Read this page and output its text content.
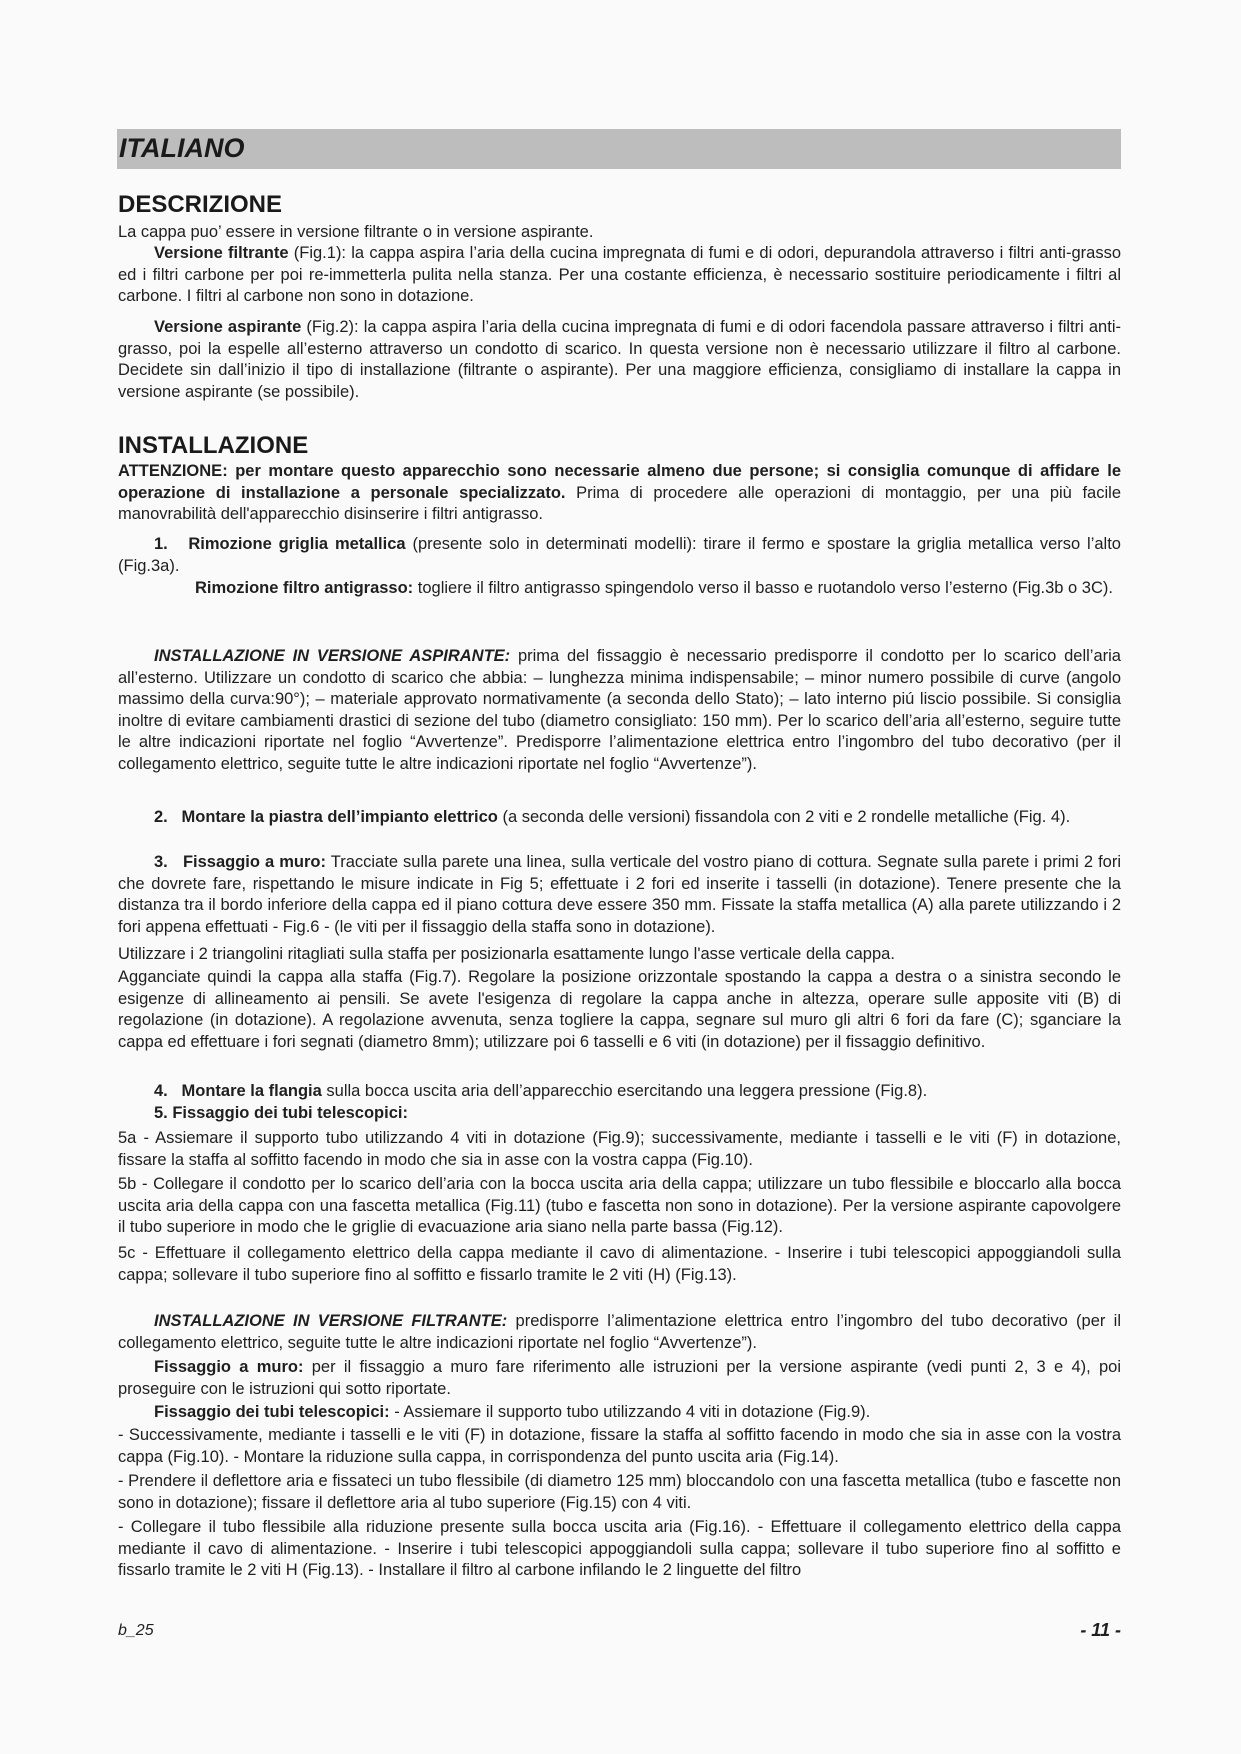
ITALIANO
DESCRIZIONE

La cappa puo’ essere in versione filtrante o in versione aspirante.

Versione filtrante (Fig.1): la cappa aspira l’aria della cucina impregnata di fumi e di odori, depurandola attraverso i filtri anti-grasso ed i filtri carbone per poi re-immetterla pulita nella stanza. Per una costante efficienza, è necessario sostituire periodicamente i filtri al carbone. I filtri al carbone non sono in dotazione.

Versione aspirante (Fig.2): la cappa aspira l’aria della cucina impregnata di fumi e di odori facendola passare attraverso i filtri anti-grasso, poi la espelle all’esterno attraverso un condotto di scarico. In questa versione non è necessario utilizzare il filtro al carbone. Decidete sin dall’inizio il tipo di installazione (filtrante o aspirante). Per una maggiore efficienza, consigliamo di installare la cappa in versione aspirante (se possibile).

INSTALLAZIONE

ATTENZIONE: per montare questo apparecchio sono necessarie almeno due persone; si consiglia comunque di affidare le operazione di installazione a personale specializzato. Prima di procedere alle operazioni di montaggio, per una più facile manovrabilità dell'apparecchio disinserire i filtri antigrasso.

1. Rimozione griglia metallica (presente solo in determinati modelli): tirare il fermo e spostare la griglia metallica verso l’alto (Fig.3a).

Rimozione filtro antigrasso: togliere il filtro antigrasso spingendolo verso il basso e ruotandolo verso l’esterno (Fig.3b o 3C).

INSTALLAZIONE IN VERSIONE ASPIRANTE: prima del fissaggio è necessario predisporre il condotto per lo scarico dell’aria all’esterno. Utilizzare un condotto di scarico che abbia: – lunghezza minima indispensabile; – minor numero possibile di curve (angolo massimo della curva:90°); – materiale approvato normativamente (a seconda dello Stato); – lato interno piú liscio possibile. Si consiglia inoltre di evitare cambiamenti drastici di sezione del tubo (diametro consigliato: 150 mm). Per lo scarico dell’aria all’esterno, seguire tutte le altre indicazioni riportate nel foglio “Avvertenze”. Predisporre l’alimentazione elettrica entro l’ingombro del tubo decorativo (per il collegamento elettrico, seguite tutte le altre indicazioni riportate nel foglio “Avvertenze”).

2. Montare la piastra dell’impianto elettrico (a seconda delle versioni) fissandola con 2 viti e 2 rondelle metalliche (Fig. 4).

3. Fissaggio a muro: Tracciate sulla parete una linea, sulla verticale del vostro piano di cottura. Segnate sulla parete i primi 2 fori che dovrete fare, rispettando le misure indicate in Fig 5; effettuate i 2 fori ed inserite i tasselli (in dotazione). Tenere presente che la distanza tra il bordo inferiore della cappa ed il piano cottura deve essere 350 mm. Fissate la staffa metallica (A) alla parete utilizzando i 2 fori appena effettuati - Fig.6 - (le viti per il fissaggio della staffa sono in dotazione).

Utilizzare i 2 triangolini ritagliati sulla staffa per posizionarla esattamente lungo l'asse verticale della cappa.

Agganciate quindi la cappa alla staffa (Fig.7). Regolare la posizione orizzontale spostando la cappa a destra o a sinistra secondo le esigenze di allineamento ai pensili. Se avete l'esigenza di regolare la cappa anche in altezza, operare sulle apposite viti (B) di regolazione (in dotazione). A regolazione avvenuta, senza togliere la cappa, segnare sul muro gli altri 6 fori da fare (C); sganciare la cappa ed effettuare i fori segnati (diametro 8mm); utilizzare poi 6 tasselli e 6 viti (in dotazione) per il fissaggio definitivo.

4. Montare la flangia sulla bocca uscita aria dell’apparecchio esercitando una leggera pressione (Fig.8).

5. Fissaggio dei tubi telescopici:

5a - Assiemare il supporto tubo utilizzando 4 viti in dotazione (Fig.9); successivamente, mediante i tasselli e le viti (F) in dotazione, fissare la staffa al soffitto facendo in modo che sia in asse con la vostra cappa (Fig.10).

5b - Collegare il condotto per lo scarico dell’aria con la bocca uscita aria della cappa; utilizzare un tubo flessibile e bloccarlo alla bocca uscita aria della cappa con una fascetta metallica (Fig.11) (tubo e fascetta non sono in dotazione). Per la versione aspirante capovolgere il tubo superiore in modo che le griglie di evacuazione aria siano nella parte bassa (Fig.12).

5c - Effettuare il collegamento elettrico della cappa mediante il cavo di alimentazione. - Inserire i tubi telescopici appoggiandoli sulla cappa; sollevare il tubo superiore fino al soffitto e fissarlo tramite le 2 viti (H) (Fig.13).

INSTALLAZIONE IN VERSIONE FILTRANTE: predisporre l’alimentazione elettrica entro l’ingombro del tubo decorativo (per il collegamento elettrico, seguite tutte le altre indicazioni riportate nel foglio “Avvertenze”).

Fissaggio a muro: per il fissaggio a muro fare riferimento alle istruzioni per la versione aspirante (vedi punti 2, 3 e 4), poi proseguire con le istruzioni qui sotto riportate.

Fissaggio dei tubi telescopici: - Assiemare il supporto tubo utilizzando 4 viti in dotazione (Fig.9).

- Successivamente, mediante i tasselli e le viti (F) in dotazione, fissare la staffa al soffitto facendo in modo che sia in asse con la vostra cappa (Fig.10). - Montare la riduzione sulla cappa, in corrispondenza del punto uscita aria (Fig.14).

- Prendere il deflettore aria e fissateci un tubo flessibile (di diametro 125 mm) bloccandolo con una fascetta metallica (tubo e fascette non sono in dotazione); fissare il deflettore aria al tubo superiore (Fig.15) con 4 viti.

- Collegare il tubo flessibile alla riduzione presente sulla bocca uscita aria (Fig.16). - Effettuare il collegamento elettrico della cappa mediante il cavo di alimentazione. - Inserire i tubi telescopici appoggiandoli sulla cappa; sollevare il tubo superiore fino al soffitto e fissarlo tramite le 2 viti H (Fig.13). - Installare il filtro al carbone infilando le 2 linguette del filtro

b_25	- 11 -
